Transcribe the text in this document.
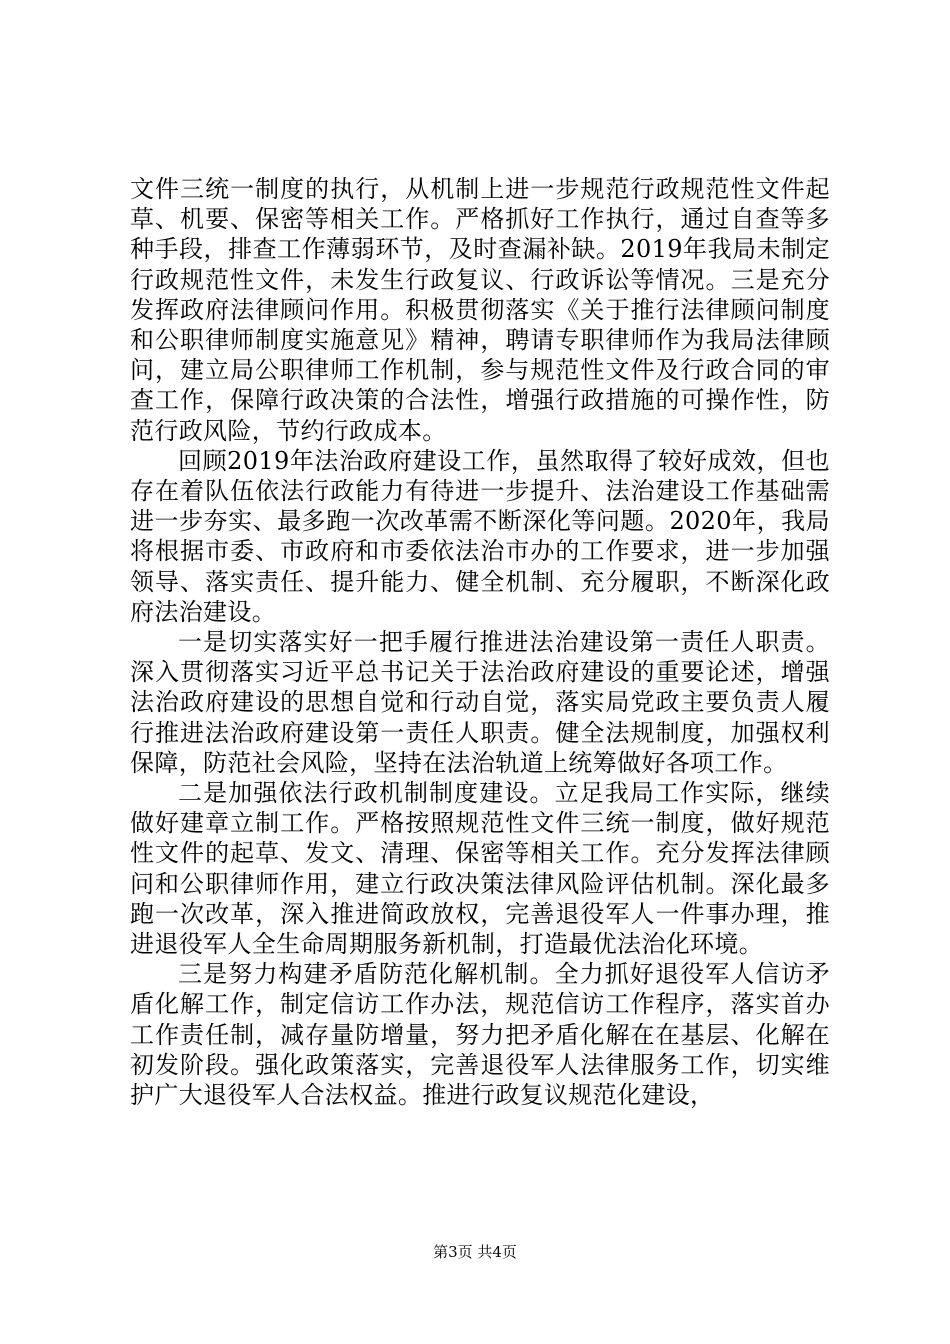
文件三统一制度的执行，从机制上进一步规范行政规范性文件起草、机要、保密等相关工作。严格抓好工作执行，通过自查等多种手段，排查工作薄弱环节，及时查漏补缺。2019年我局未制定行政规范性文件，未发生行政复议、行政诉讼等情况。三是充分发挥政府法律顾问作用。积极贯彻落实《关于推行法律顾问制度和公职律师制度实施意见》精神，聘请专职律师作为我局法律顾问，建立局公职律师工作机制，参与规范性文件及行政合同的审查工作，保障行政决策的合法性，增强行政措施的可操作性，防范行政风险，节约行政成本。

回顾2019年法治政府建设工作，虽然取得了较好成效，但也存在着队伍依法行政能力有待进一步提升、法治建设工作基础需进一步夯实、最多跑一次改革需不断深化等问题。2020年，我局将根据市委、市政府和市委依法治市办的工作要求，进一步加强领导、落实责任、提升能力、健全机制、充分履职，不断深化政府法治建设。

一是切实落实好一把手履行推进法治建设第一责任人职责。深入贯彻落实习近平总书记关于法治政府建设的重要论述，增强法治政府建设的思想自觉和行动自觉，落实局党政主要负责人履行推进法治政府建设第一责任人职责。健全法规制度，加强权利保障，防范社会风险，坚持在法治轨道上统筹做好各项工作。

二是加强依法行政机制制度建设。立足我局工作实际，继续做好建章立制工作。严格按照规范性文件三统一制度，做好规范性文件的起草、发文、清理、保密等相关工作。充分发挥法律顾问和公职律师作用，建立行政决策法律风险评估机制。深化最多跑一次改革，深入推进简政放权，完善退役军人一件事办理，推进退役军人全生命周期服务新机制，打造最优法治化环境。

三是努力构建矛盾防范化解机制。全力抓好退役军人信访矛盾化解工作，制定信访工作办法，规范信访工作程序，落实首办工作责任制，减存量防增量，努力把矛盾化解在在基层、化解在初发阶段。强化政策落实，完善退役军人法律服务工作，切实维护广大退役军人合法权益。推进行政复议规范化建设，

第3页 共4页
